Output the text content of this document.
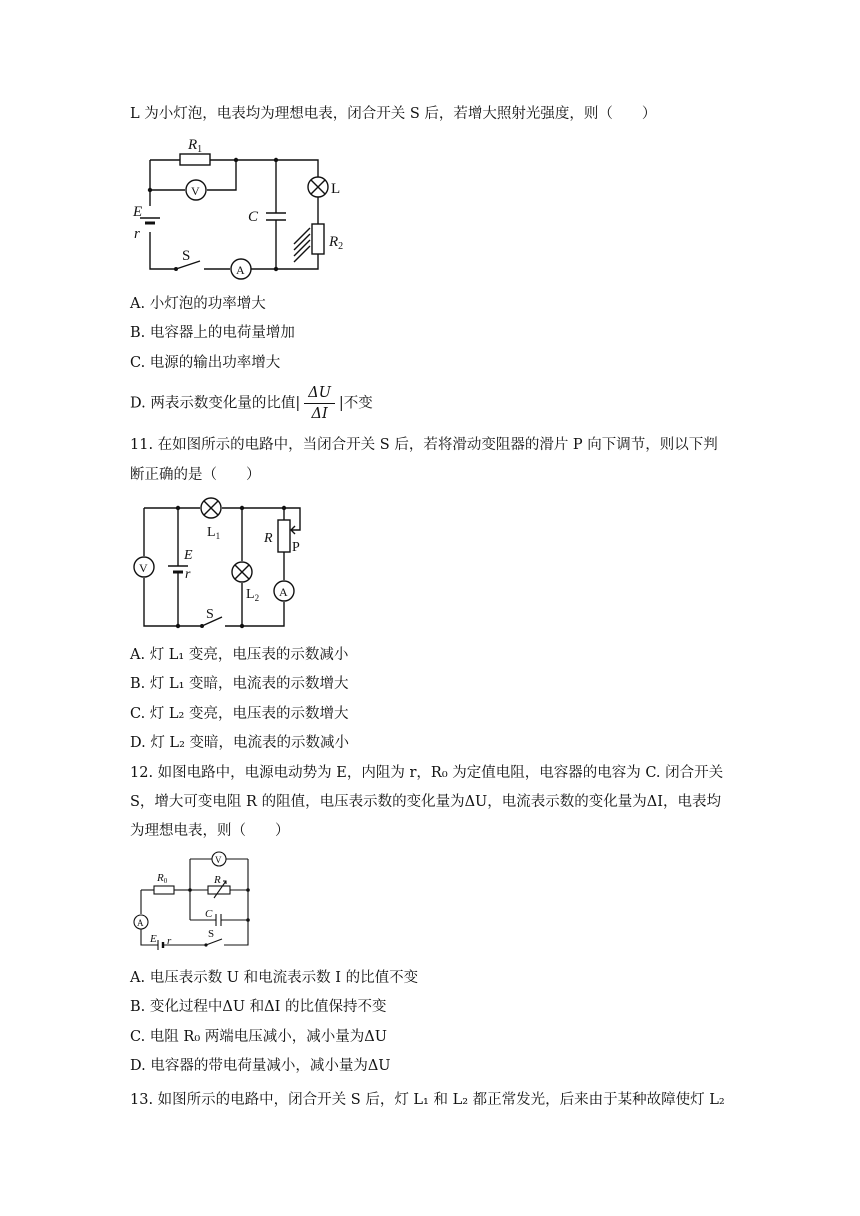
L 为小灯泡，电表均为理想电表，闭合开关 S 后，若增大照射光强度，则（　　）
$R_1$
V
A
E
r
C
L
$R_2$
S
A. 小灯泡的功率增大
B. 电容器上的电荷量增加
C. 电源的输出功率增大
D. 两表示数变化量的比值| $\frac{\Delta U}{\Delta I}$ |不变
11. 在如图所示的电路中，当闭合开关 S 后，若将滑动变阻器的滑片 P 向下调节，则以下判
断正确的是（　　）
$L_1$
$L_2$
R
P
V
A
E
r
S
A. 灯 L₁ 变亮，电压表的示数减小
B. 灯 L₁ 变暗，电流表的示数增大
C. 灯 L₂ 变亮，电压表的示数增大
D. 灯 L₂ 变暗，电流表的示数减小
12. 如图电路中，电源电动势为 E，内阻为 r，R₀ 为定值电阻，电容器的电容为 C. 闭合开关
S，增大可变电阻 R 的阻值，电压表示数的变化量为ΔU，电流表示数的变化量为ΔI，电表均
为理想电表，则（　　）
V
R0	R
C
A
E r
S
A. 电压表示数 U 和电流表示数 I 的比值不变
B. 变化过程中ΔU 和ΔI 的比值保持不变
C. 电阻 R₀ 两端电压减小，减小量为ΔU
D. 电容器的带电荷量减小，减小量为ΔU
13. 如图所示的电路中，闭合开关 S 后，灯 L₁ 和 L₂ 都正常发光，后来由于某种故障使灯 L₂
